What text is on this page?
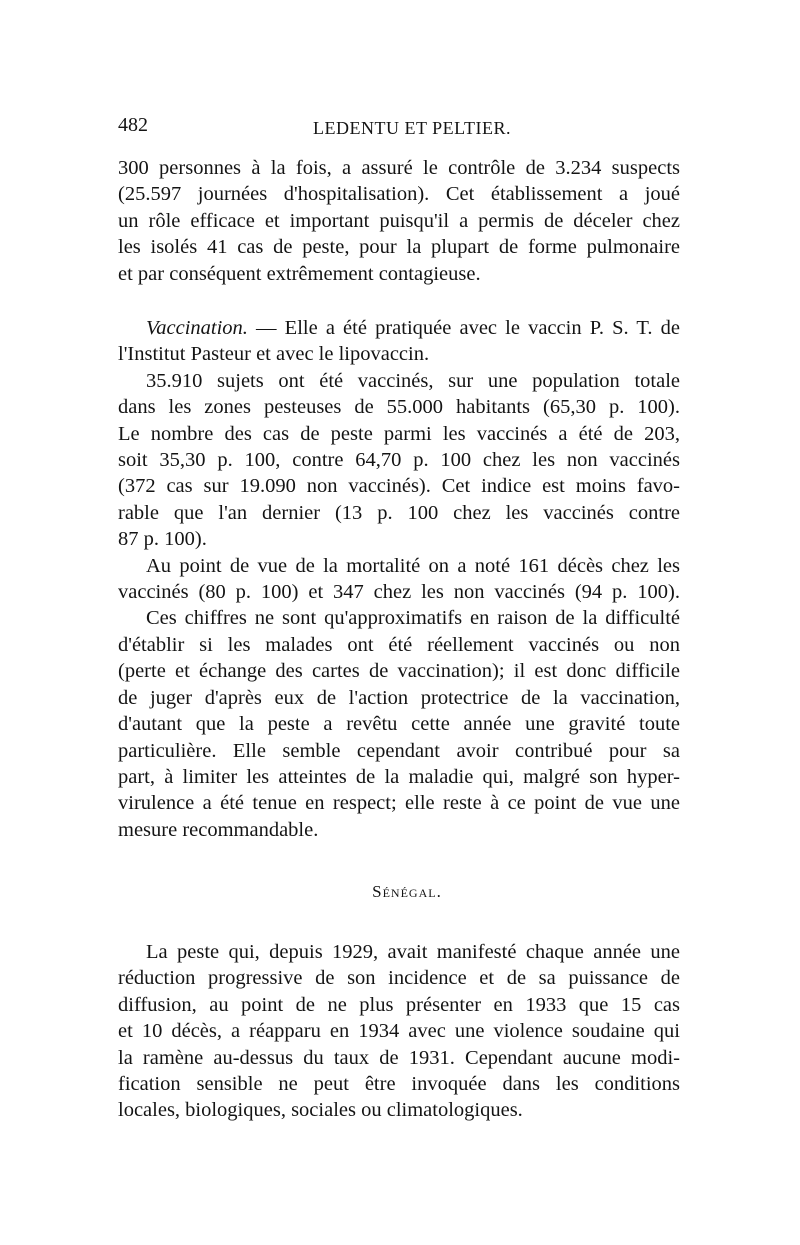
482	LEDENTU ET PELTIER.
300 personnes à la fois, a assuré le contrôle de 3.234 suspects
(25.597 journées d'hospitalisation). Cet établissement a joué
un rôle efficace et important puisqu'il a permis de déceler chez
les isolés 41 cas de peste, pour la plupart de forme pulmonaire
et par conséquent extrêmement contagieuse.
Vaccination. — Elle a été pratiquée avec le vaccin P. S. T. de
l'Institut Pasteur et avec le lipovaccin.
35.910 sujets ont été vaccinés, sur une population totale
dans les zones pesteuses de 55.000 habitants (65,30 p. 100).
Le nombre des cas de peste parmi les vaccinés a été de 203,
soit 35,30 p. 100, contre 64,70 p. 100 chez les non vaccinés
(372 cas sur 19.090 non vaccinés). Cet indice est moins favo-
rable que l'an dernier (13 p. 100 chez les vaccinés contre
87 p. 100).
Au point de vue de la mortalité on a noté 161 décès chez les
vaccinés (80 p. 100) et 347 chez les non vaccinés (94 p. 100).
Ces chiffres ne sont qu'approximatifs en raison de la difficulté
d'établir si les malades ont été réellement vaccinés ou non
(perte et échange des cartes de vaccination); il est donc difficile
de juger d'après eux de l'action protectrice de la vaccination,
d'autant que la peste a revêtu cette année une gravité toute
particulière. Elle semble cependant avoir contribué pour sa
part, à limiter les atteintes de la maladie qui, malgré son hyper-
virulence a été tenue en respect; elle reste à ce point de vue une
mesure recommandable.
Sénégal.
La peste qui, depuis 1929, avait manifesté chaque année une
réduction progressive de son incidence et de sa puissance de
diffusion, au point de ne plus présenter en 1933 que 15 cas
et 10 décès, a réapparu en 1934 avec une violence soudaine qui
la ramène au-dessus du taux de 1931. Cependant aucune modi-
fication sensible ne peut être invoquée dans les conditions
locales, biologiques, sociales ou climatologiques.
